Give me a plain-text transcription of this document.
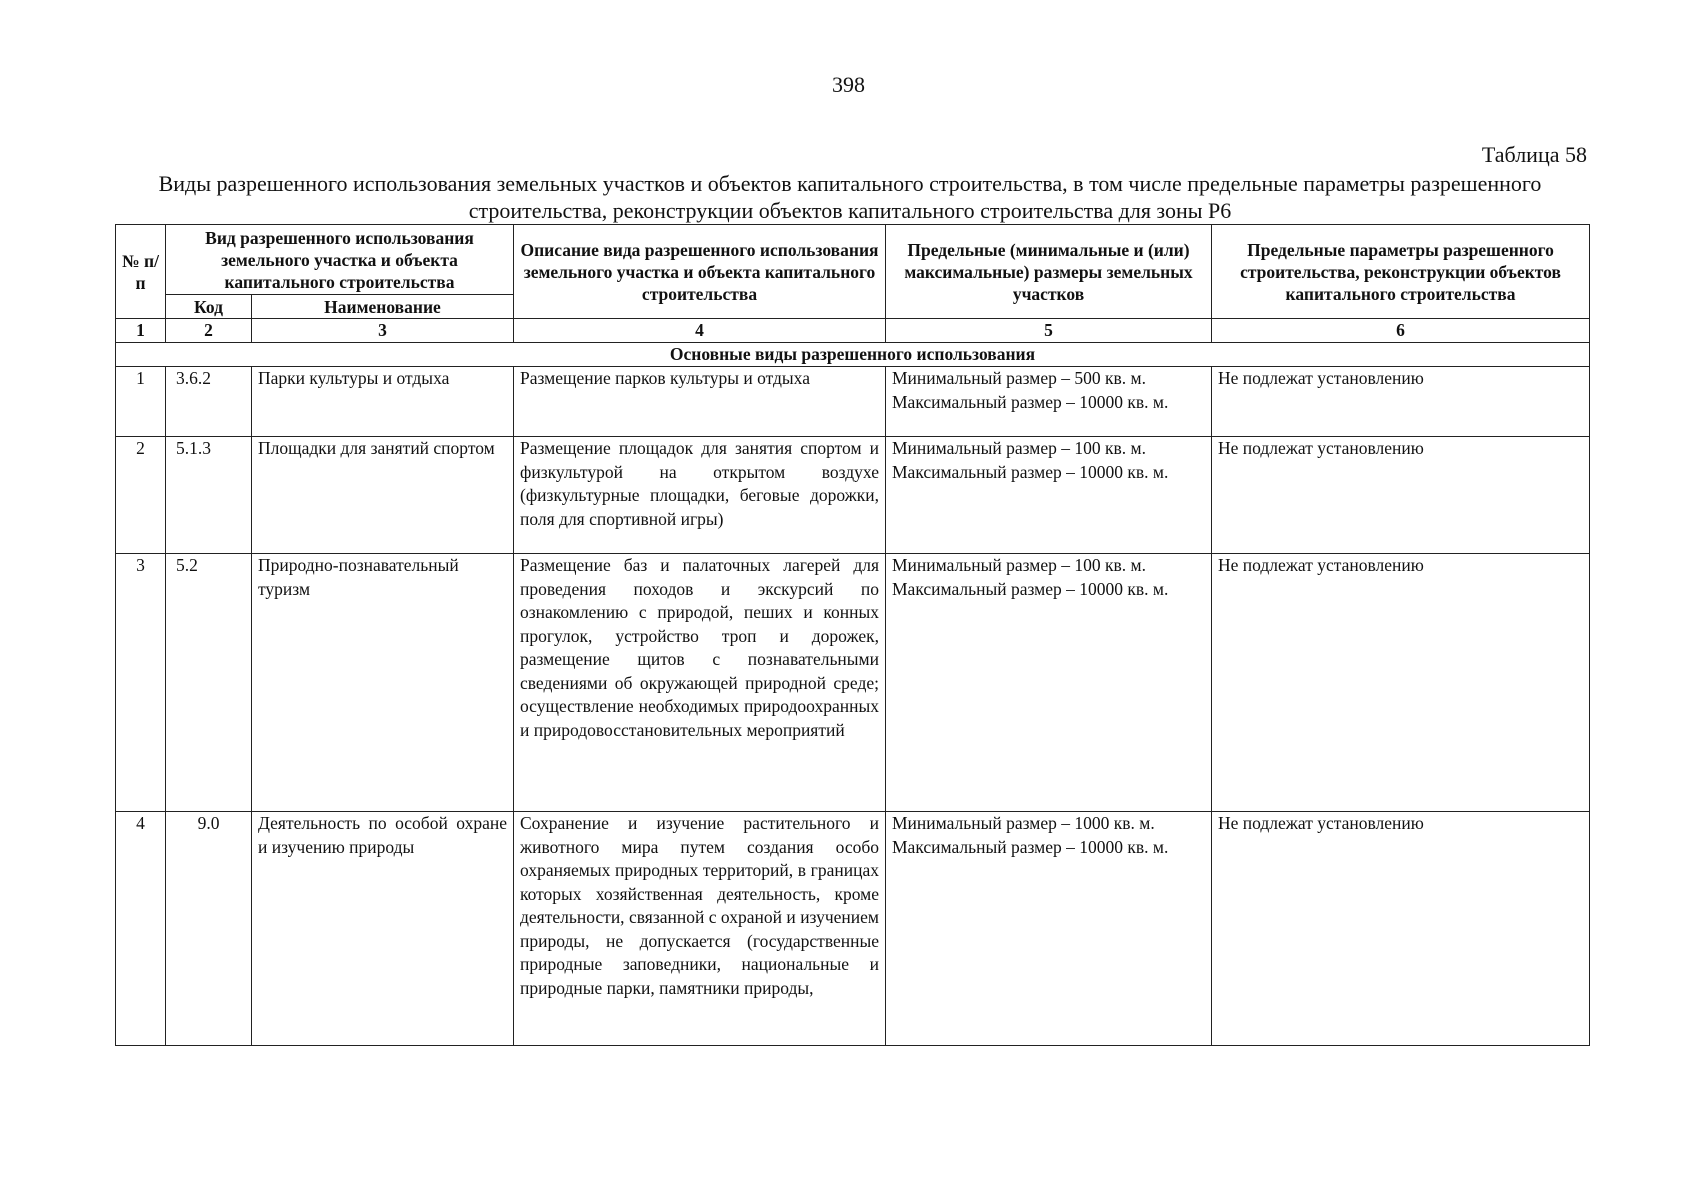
398
Таблица 58
Виды разрешенного использования земельных участков и объектов капитального строительства, в том числе предельные параметры разрешенного строительства, реконструкции объектов капитального строительства для зоны Р6
№ п/п	Вид разрешенного использования земельного участка и объекта капитального строительства		Описание вида разрешенного использования земельного участка и объекта капитального строительства	Предельные (минимальные и (или) максимальные) размеры земельных участков	Предельные параметры разрешенного строительства, реконструкции объектов капитального строительства
	Код	Наименование			
1	2	3	4	5	6
Основные виды разрешенного использования					
1	3.6.2	Парки культуры и отдыха	Размещение парков культуры и отдыха	Минимальный размер – 500 кв. м. Максимальный размер – 10000 кв. м.	Не подлежат установлению
2	5.1.3	Площадки для занятий спортом	Размещение площадок для занятия спортом и физкультурой на открытом воздухе (физкультурные площадки, беговые дорожки, поля для спортивной игры)	Минимальный размер – 100 кв. м. Максимальный размер – 10000 кв. м.	Не подлежат установлению
3	5.2	Природно-познавательный туризм	Размещение баз и палаточных лагерей для проведения походов и экскурсий по ознакомлению с природой, пеших и конных прогулок, устройство троп и дорожек, размещение щитов с познавательными сведениями об окружающей природной среде; осуществление необходимых природоохранных и природовосстановительных мероприятий	Минимальный размер – 100 кв. м. Максимальный размер – 10000 кв. м.	Не подлежат установлению
4	9.0	Деятельность по особой охране и изучению природы	Сохранение и изучение растительного и животного мира путем создания особо охраняемых природных территорий, в границах которых хозяйственная деятельность, кроме деятельности, связанной с охраной и изучением природы, не допускается (государственные природные заповедники, национальные и природные парки, памятники природы,	Минимальный размер – 1000 кв. м. Максимальный размер – 10000 кв. м.	Не подлежат установлению
